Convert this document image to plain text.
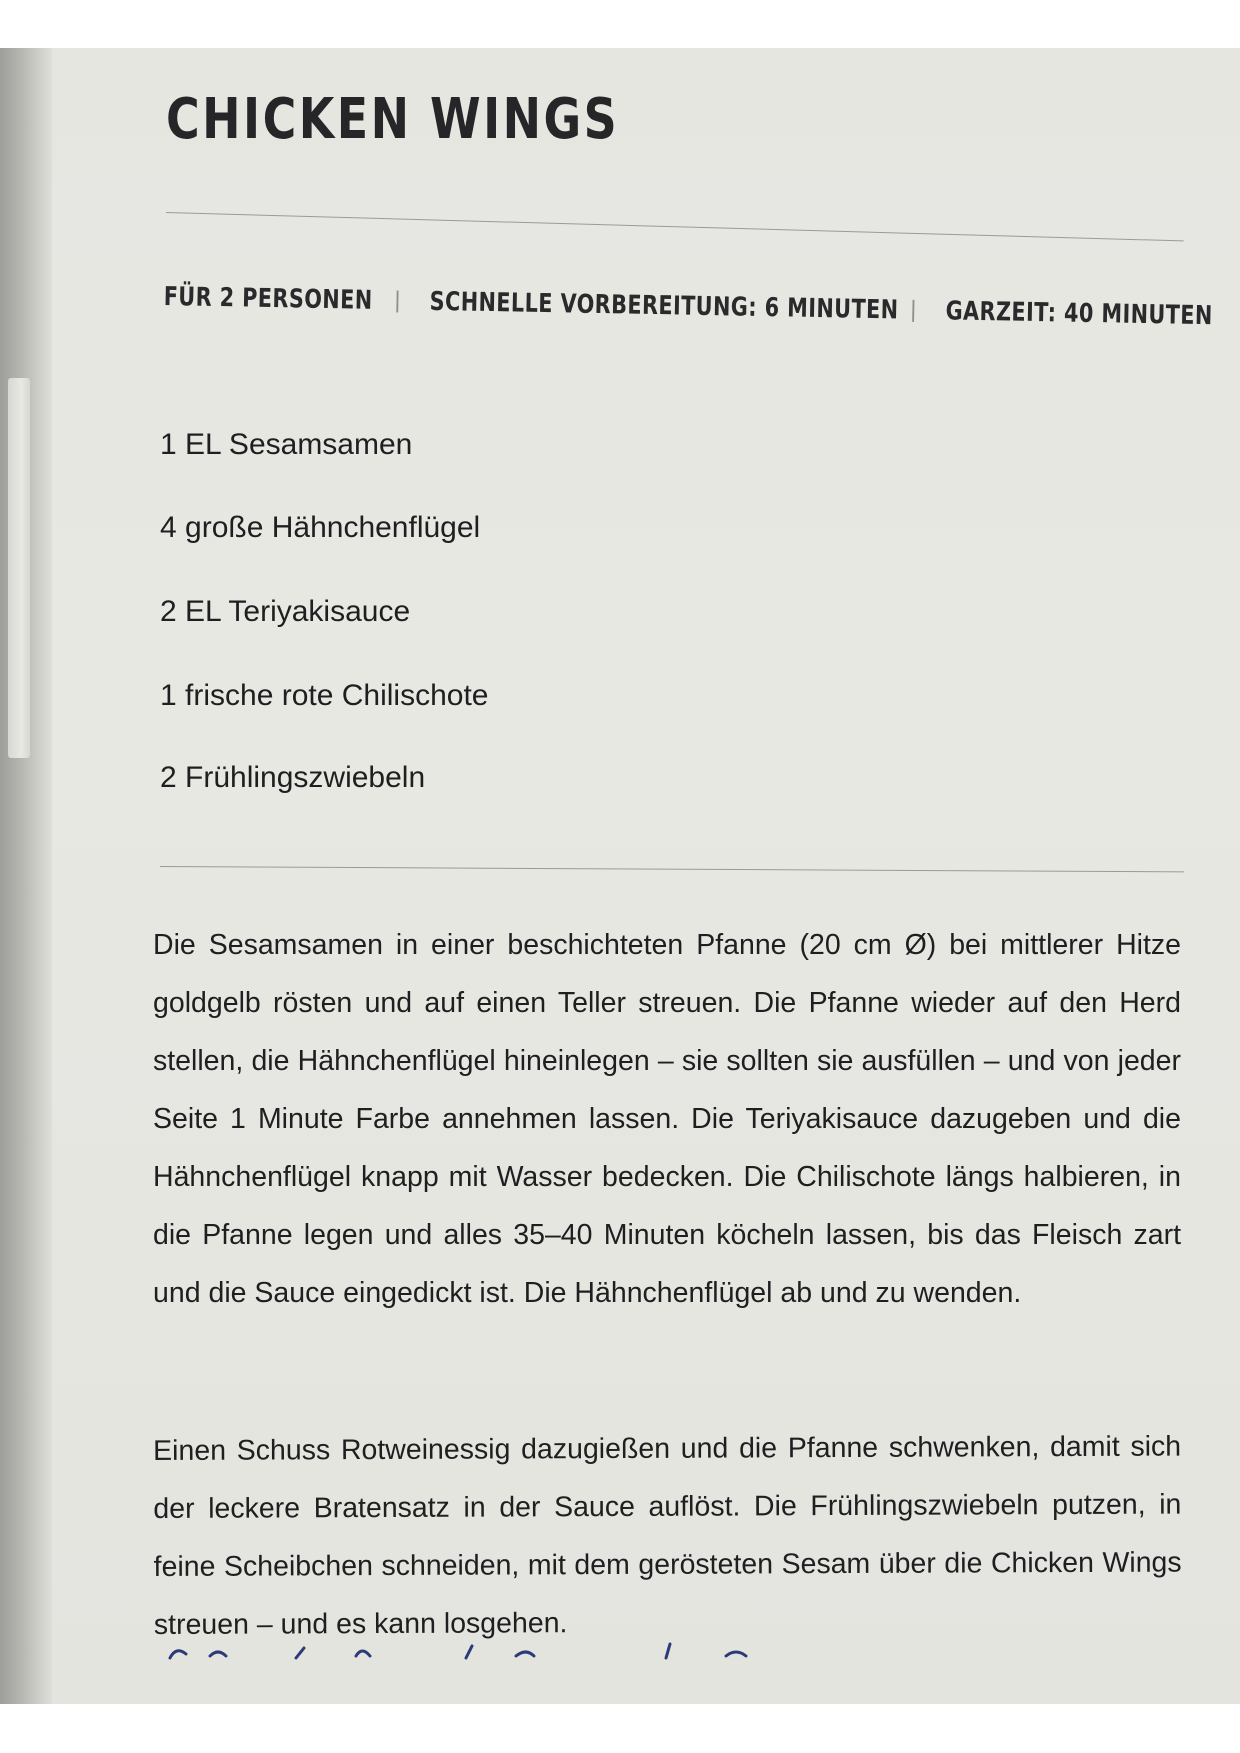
CHICKEN WINGS
FÜR 2 PERSONEN | SCHNELLE VORBEREITUNG: 6 MINUTEN | GARZEIT: 40 MINUTEN
1 EL Sesamsamen
4 große Hähnchenflügel
2 EL Teriyakisauce
1 frische rote Chilischote
2 Frühlingszwiebeln

Die Sesamsamen in einer beschichteten Pfanne (20 cm Ø) bei mittlerer Hitze goldgelb rösten und auf einen Teller streuen. Die Pfanne wieder auf den Herd stellen, die Hähnchenflügel hineinlegen – sie sollten sie ausfüllen – und von jeder Seite 1 Minute Farbe annehmen lassen. Die Teriyakisauce dazugeben und die Hähnchenflügel knapp mit Wasser bedecken. Die Chilischote längs halbieren, in die Pfanne legen und alles 35–40 Minuten köcheln lassen, bis das Fleisch zart und die Sauce eingedickt ist. Die Hähnchenflügel ab und zu wenden.

Einen Schuss Rotweinessig dazugießen und die Pfanne schwenken, damit sich der leckere Bratensatz in der Sauce auflöst. Die Frühlingszwiebeln putzen, in feine Scheibchen schneiden, mit dem gerösteten Sesam über die Chicken Wings streuen – und es kann losgehen.
